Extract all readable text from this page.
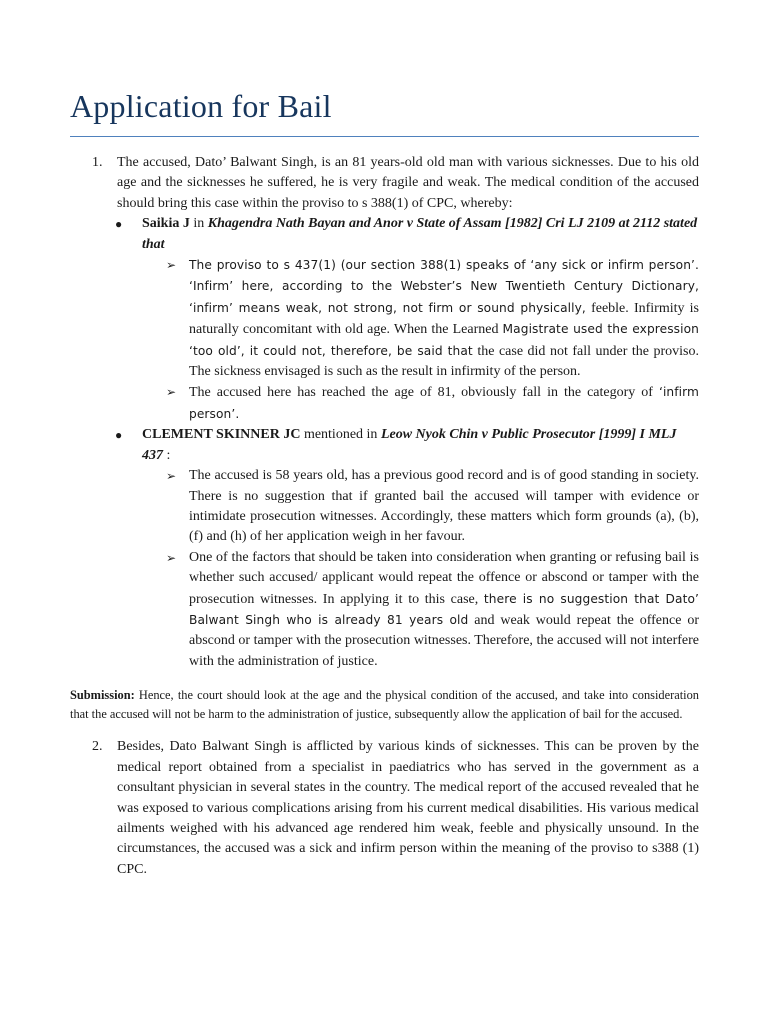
Application for Bail
1. The accused, Dato’ Balwant Singh, is an 81 years-old old man with various sicknesses. Due to his old age and the sicknesses he suffered, he is very fragile and weak. The medical condition of the accused should bring this case within the proviso to s 388(1) of CPC, whereby:
● Saikia J in Khagendra Nath Bayan and Anor v State of Assam [1982] Cri LJ 2109 at 2112 stated that
➢ The proviso to s 437(1) (our section 388(1) speaks of ‘any sick or infirm person’. ‘Infirm’ here, according to the Webster’s New Twentieth Century Dictionary, ‘infirm’ means weak, not strong, not firm or sound physically, feeble. Infirmity is naturally concomitant with old age. When the Learned Magistrate used the expression ‘too old’, it could not, therefore, be said that the case did not fall under the proviso. The sickness envisaged is such as the result in infirmity of the person.
➢ The accused here has reached the age of 81, obviously fall in the category of ‘infirm person’.
● CLEMENT SKINNER JC mentioned in Leow Nyok Chin v Public Prosecutor [1999] I MLJ 437 :
➢ The accused is 58 years old, has a previous good record and is of good standing in society. There is no suggestion that if granted bail the accused will tamper with evidence or intimidate prosecution witnesses. Accordingly, these matters which form grounds (a), (b), (f) and (h) of her application weigh in her favour.
➢ One of the factors that should be taken into consideration when granting or refusing bail is whether such accused/ applicant would repeat the offence or abscond or tamper with the prosecution witnesses. In applying it to this case, there is no suggestion that Dato’ Balwant Singh who is already 81 years old and weak would repeat the offence or abscond or tamper with the prosecution witnesses. Therefore, the accused will not interfere with the administration of justice.
Submission: Hence, the court should look at the age and the physical condition of the accused, and take into consideration that the accused will not be harm to the administration of justice, subsequently allow the application of bail for the accused.
2. Besides, Dato Balwant Singh is afflicted by various kinds of sicknesses. This can be proven by the medical report obtained from a specialist in paediatrics who has served in the government as a consultant physician in several states in the country. The medical report of the accused revealed that he was exposed to various complications arising from his current medical disabilities. His various medical ailments weighed with his advanced age rendered him weak, feeble and physically unsound. In the circumstances, the accused was a sick and infirm person within the meaning of the proviso to s388 (1) CPC.
